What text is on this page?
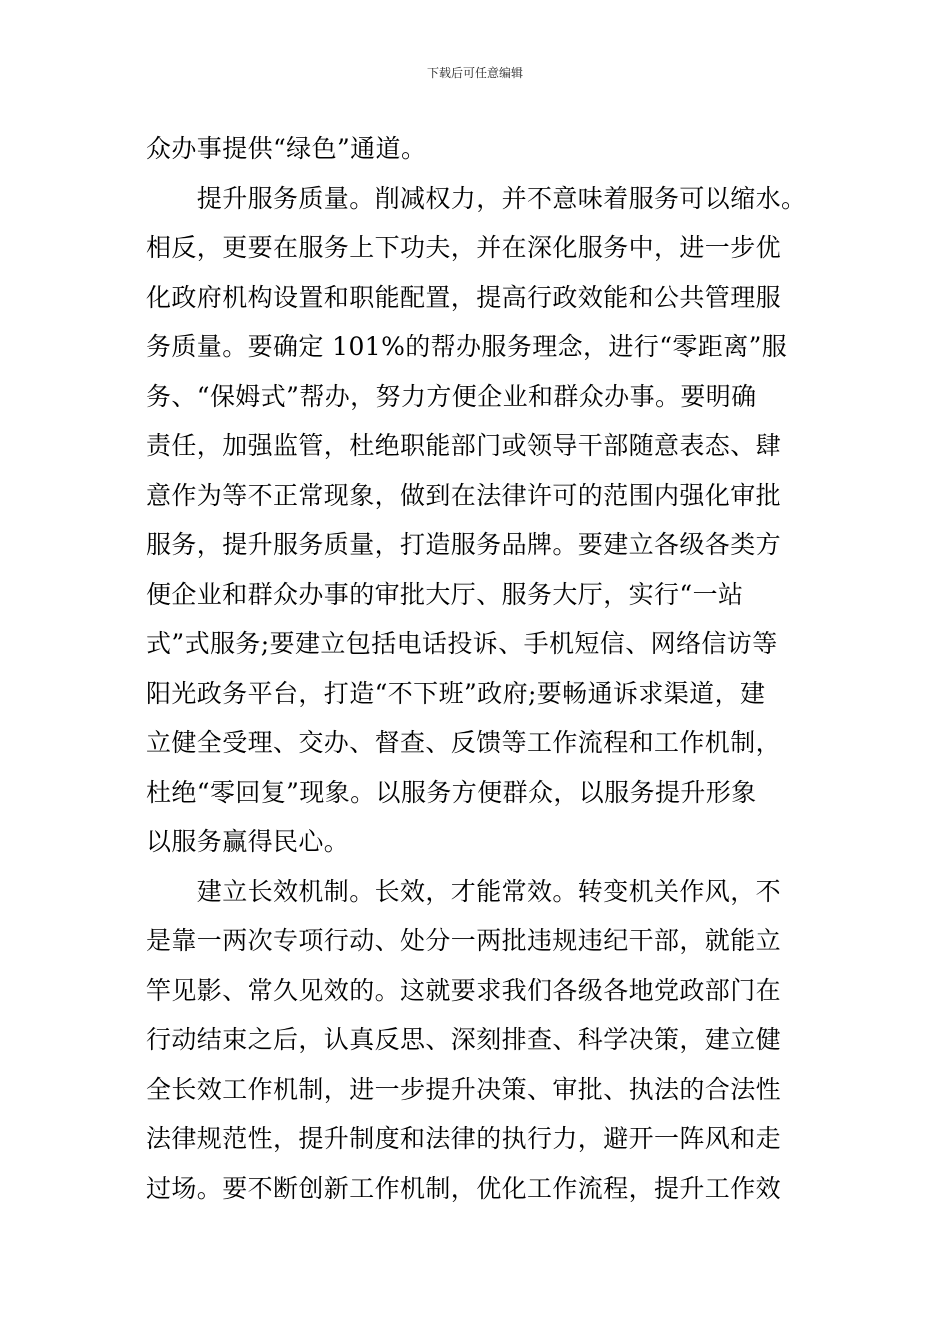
下载后可任意编辑
众办事提供“绿色”通道。
　　提升服务质量。削减权力，并不意味着服务可以缩水。
相反，更要在服务上下功夫，并在深化服务中，进一步优
化政府机构设置和职能配置，提高行政效能和公共管理服
务质量。要确定 101%的帮办服务理念，进行“零距离”服
务、“保姆式”帮办，努力方便企业和群众办事。要明确
责任，加强监管，杜绝职能部门或领导干部随意表态、肆
意作为等不正常现象，做到在法律许可的范围内强化审批
服务，提升服务质量，打造服务品牌。要建立各级各类方
便企业和群众办事的审批大厅、服务大厅，实行“一站
式”式服务;要建立包括电话投诉、手机短信、网络信访等
阳光政务平台，打造“不下班”政府;要畅通诉求渠道，建
立健全受理、交办、督查、反馈等工作流程和工作机制，
杜绝“零回复”现象。以服务方便群众，以服务提升形象
以服务赢得民心。
　　建立长效机制。长效，才能常效。转变机关作风，不
是靠一两次专项行动、处分一两批违规违纪干部，就能立
竿见影、常久见效的。这就要求我们各级各地党政部门在
行动结束之后，认真反思、深刻排查、科学决策，建立健
全长效工作机制，进一步提升决策、审批、执法的合法性
法律规范性，提升制度和法律的执行力，避开一阵风和走
过场。要不断创新工作机制，优化工作流程，提升工作效
